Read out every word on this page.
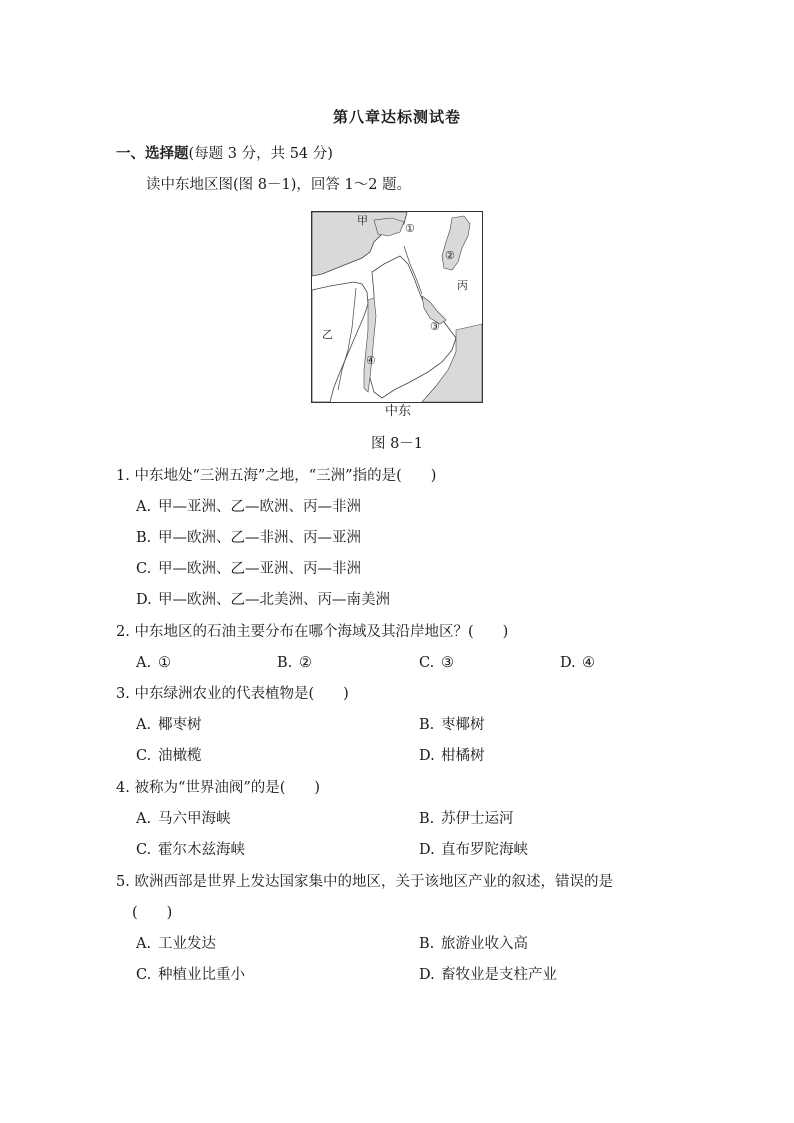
第八章达标测试卷
一、选择题(每题 3 分，共 54 分)
读中东地区图(图 8－1)，回答 1～2 题。
甲
乙
丙
①
②
③
④
中东
图 8－1
1. 中东地处“三洲五海”之地，“三洲”指的是(　　)
A. 甲—亚洲、乙—欧洲、丙—非洲
B. 甲—欧洲、乙—非洲、丙—亚洲
C. 甲—欧洲、乙—亚洲、丙—非洲
D. 甲—欧洲、乙—北美洲、丙—南美洲
2. 中东地区的石油主要分布在哪个海域及其沿岸地区？(　　)
A. ①	B. ②	C. ③	D. ④
3. 中东绿洲农业的代表植物是(　　)
A. 椰枣树	B. 枣椰树
C. 油橄榄	D. 柑橘树
4. 被称为“世界油阀”的是(　　)
A. 马六甲海峡	B. 苏伊士运河
C. 霍尔木兹海峡	D. 直布罗陀海峡
5. 欧洲西部是世界上发达国家集中的地区，关于该地区产业的叙述，错误的是
(　　)
A. 工业发达	B. 旅游业收入高
C. 种植业比重小	D. 畜牧业是支柱产业
